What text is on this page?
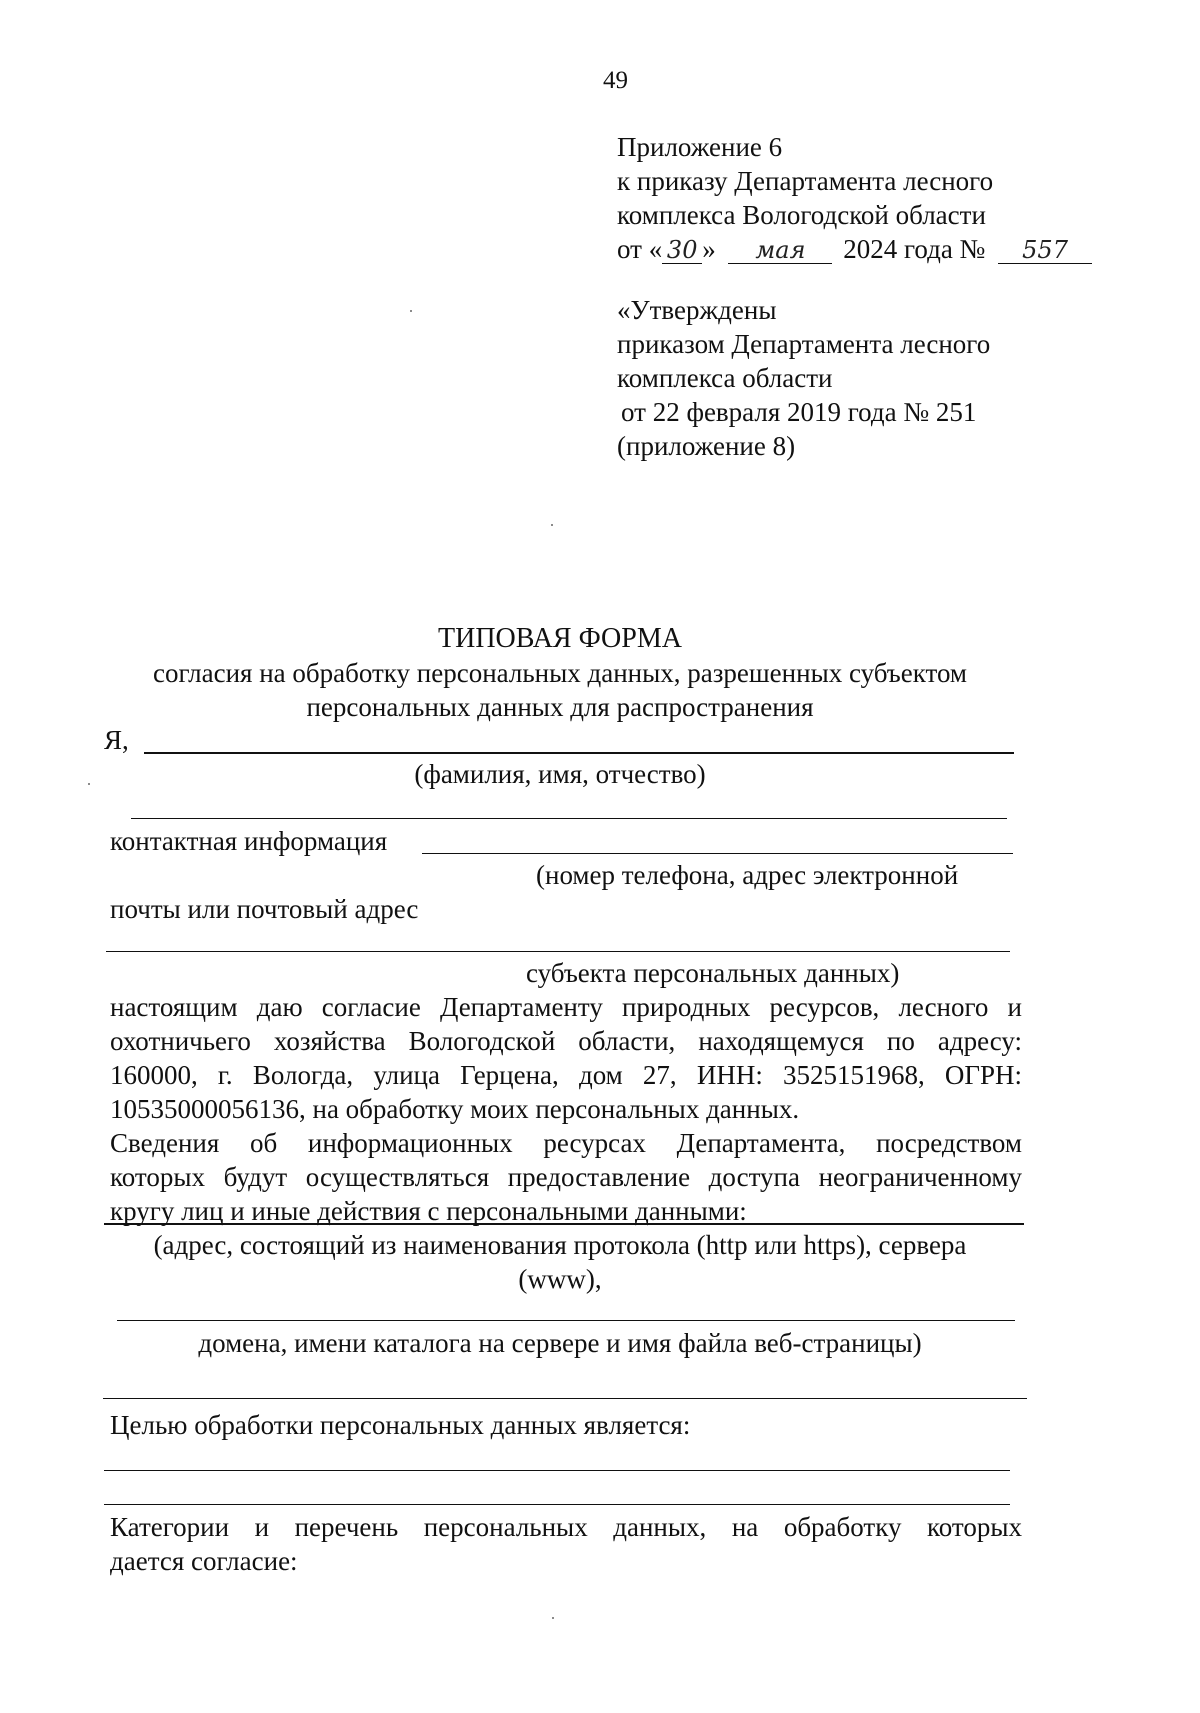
49
Приложение 6
к приказу Департамента лесного
комплекса Вологодской области
от « 30 » мая 2024 года № 557
«Утверждены
приказом Департамента лесного
комплекса области
от 22 февраля 2019 года № 251
(приложение 8)
ТИПОВАЯ ФОРМА
согласия на обработку персональных данных, разрешенных субъектом
персональных данных для распространения
Я,
(фамилия, имя, отчество)
контактная информация
(номер телефона, адрес электронной
почты или почтовый адрес
субъекта персональных данных)
настоящим даю согласие Департаменту природных ресурсов, лесного и
охотничьего хозяйства Вологодской области, находящемуся по адресу:
160000, г. Вологда, улица Герцена, дом 27, ИНН: 3525151968, ОГРН:
10535000056136, на обработку моих персональных данных.
Сведения об информационных ресурсах Департамента, посредством
которых будут осуществляться предоставление доступа неограниченному
кругу лиц и иные действия с персональными данными:
(адрес, состоящий из наименования протокола (http или https), сервера
(www),
домена, имени каталога на сервере и имя файла веб-страницы)
Целью обработки персональных данных является:
Категории и перечень персональных данных, на обработку которых
дается согласие:
